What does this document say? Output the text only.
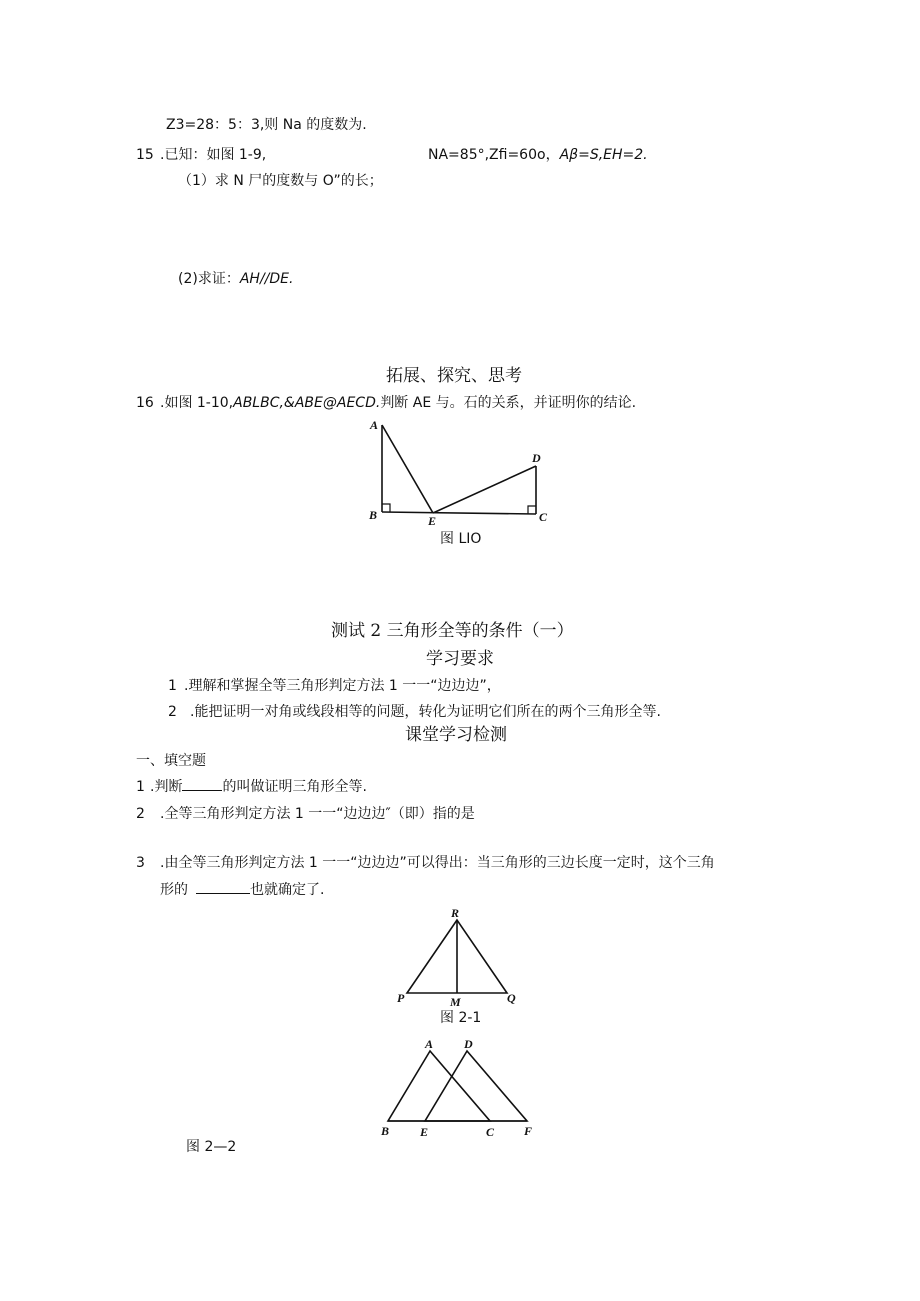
Z3=28：5：3,则 Na 的度数为.
15 .已知：如图 1-9,	NA=85°,Zfi=60o，Aβ=S,EH=2.
（1）求 N 尸的度数与 O”的长；
(2)求证：AH//DE.
拓展、探究、思考
16 .如图 1-10,ABLBC,&ABE@AECD.判断 AE 与。石的关系，并证明你的结论.
A
B	E	C
D
图 LIO
测试 2 三角形全等的条件（一）
学习要求
1 .理解和掌握全等三角形判定方法 1 一一“边边边”，
2 .能把证明一对角或线段相等的问题，转化为证明它们所在的两个三角形全等.
课堂学习检测
一、填空题
1 .判断	的叫做证明三角形全等.
2 .全等三角形判定方法 1 一一“边边边″（即）指的是
3 .由全等三角形判定方法 1 一一“边边边”可以得出：当三角形的三边长度一定时，这个三角
形的	也就确定了.
R
P	M	Q
图 2-1
A	D
B	E	C F
图 2—2
